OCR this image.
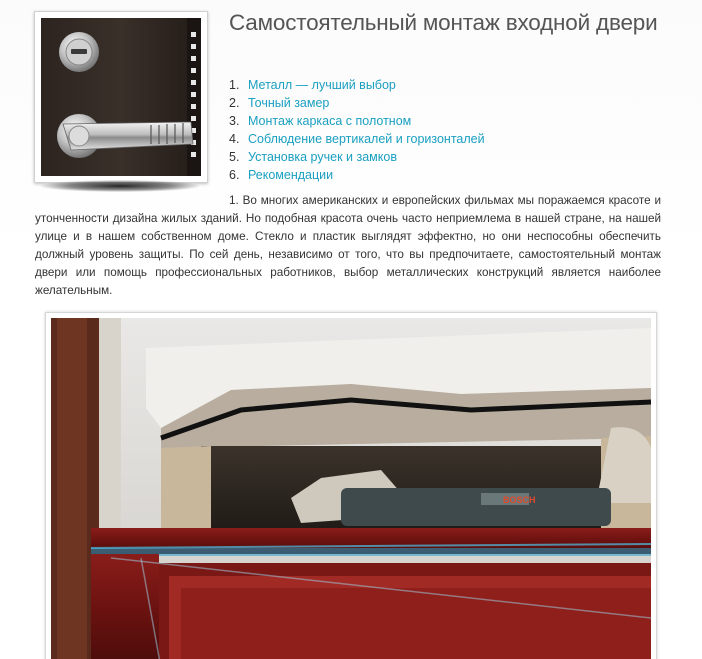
Самостоятельный монтаж входной двери
1. Металл — лучший выбор
2. Точный замер
3. Монтаж каркаса с полотном
4. Соблюдение вертикалей и горизонталей
5. Установка ручек и замков
6. Рекомендации

1. Во многих американских и европейских фильмах мы поражаемся красоте и утонченности дизайна жилых зданий. Но подобная красота очень часто неприемлема в нашей стране, на нашей улице и в нашем собственном доме. Стекло и пластик выглядят эффектно, но они неспособны обеспечить должный уровень защиты. По сей день, независимо от того, что вы предпочитаете, самостоятельный монтаж двери или помощь профессиональных работников, выбор металлических конструкций является наиболее желательным.

BOSCH
